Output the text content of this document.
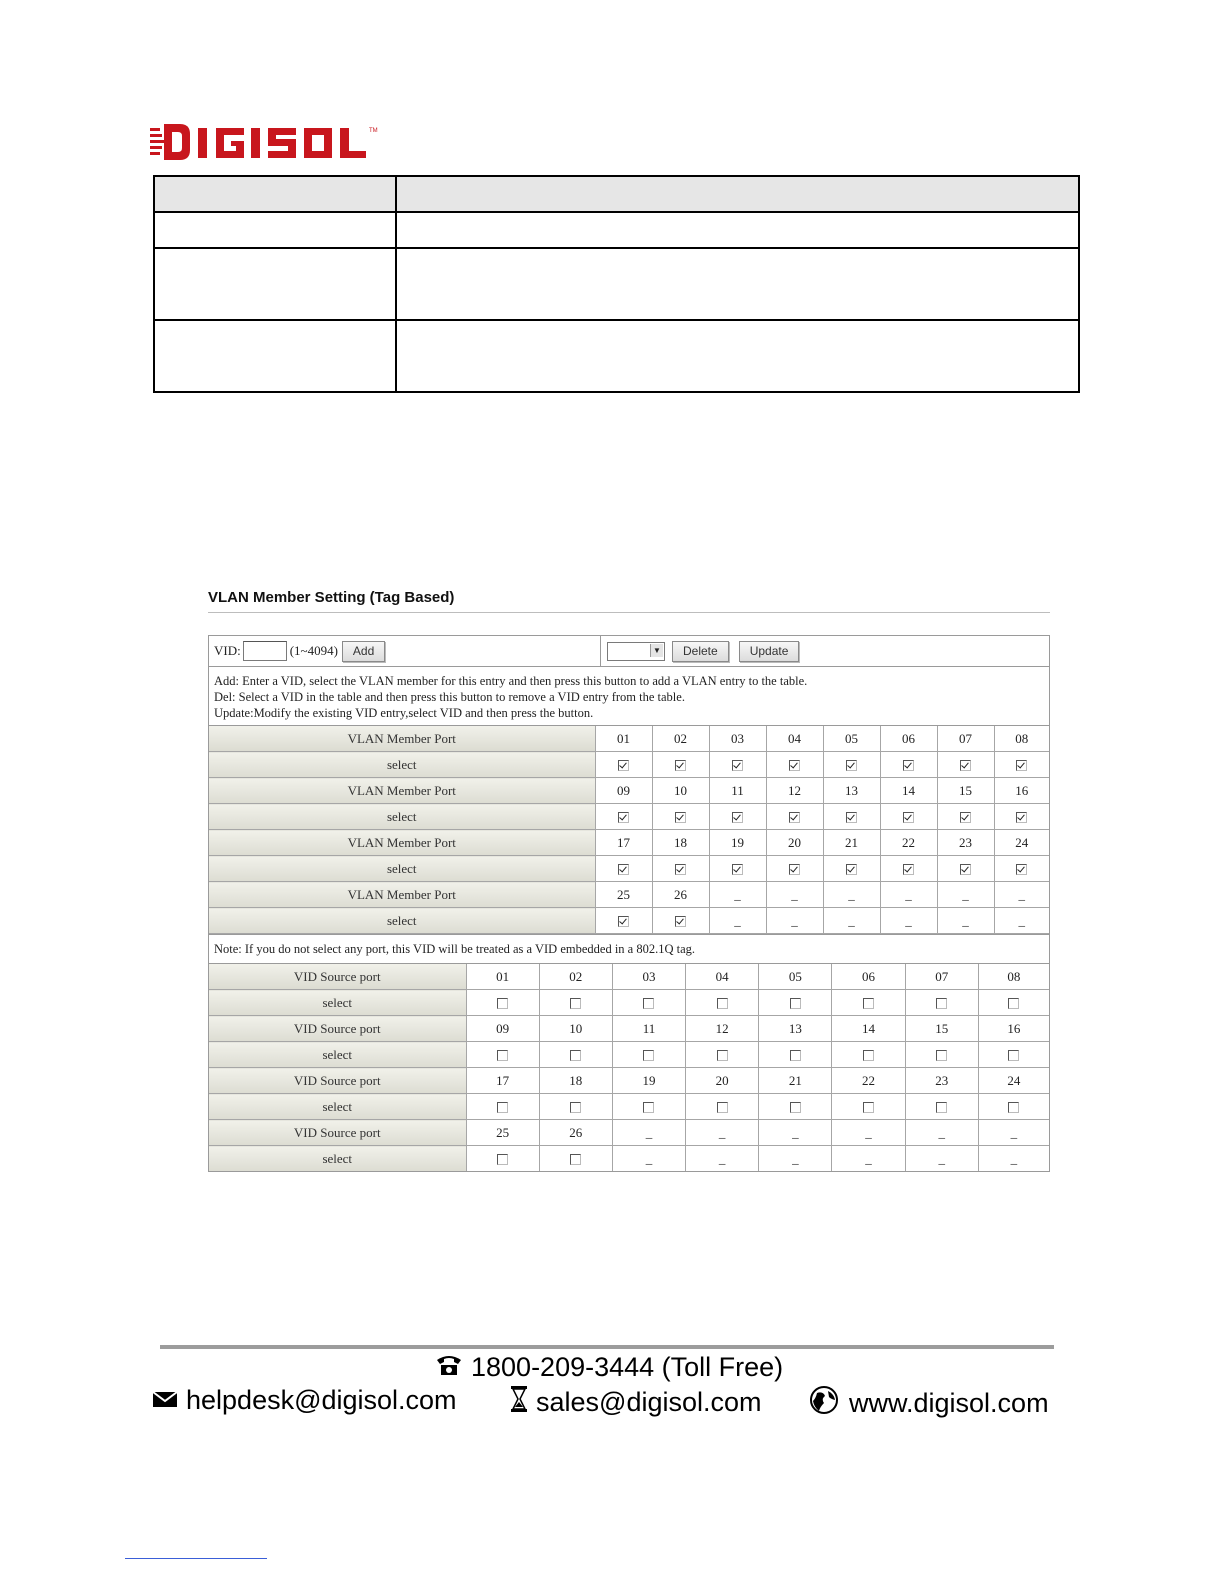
TM

VLAN Member Setting (Tag Based)
VID:	(1~4094)	Add	▼	Delete	Update
Add: Enter a VID, select the VLAN member for this entry and then press this button to add a VLAN entry to the table.
Del: Select a VID in the table and then press this button to remove a VID entry from the table.
Update:Modify the existing VID entry,select VID and then press the button.
VLAN Member Port	01	02	03	04	05	06	07	08
select								
VLAN Member Port	09	10	11	12	13	14	15	16
select								
VLAN Member Port	17	18	19	20	21	22	23	24
select								
VLAN Member Port	25	26	_	_	_	_	_	_
select			_	_	_	_	_	_
Note: If you do not select any port, this VID will be treated as a VID embedded in a 802.1Q tag.
VID Source port	01	02	03	04	05	06	07	08
select								
VID Source port	09	10	11	12	13	14	15	16
select								
VID Source port	17	18	19	20	21	22	23	24
select								
VID Source port	25	26	_	_	_	_	_	_
select			_	_	_	_	_	_
1800-209-3444 (Toll Free)
helpdesk@digisol.com	sales@digisol.com	www.digisol.com
